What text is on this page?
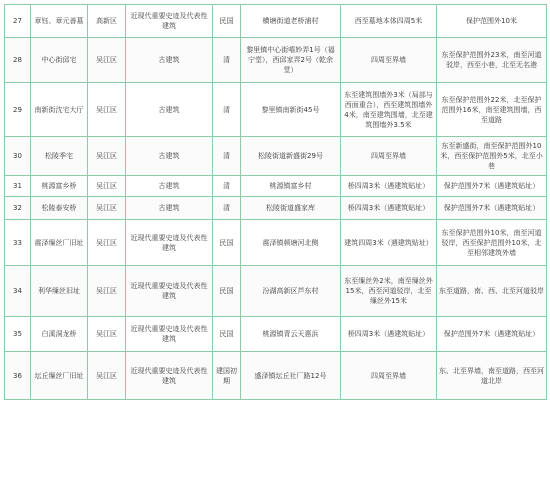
27	章钰、章元善墓	高新区	近现代重要史迹及代表性建筑	民国	横塘街道老桥浦村	西至墓地本体四周5米	保护范围外10米
28	中心街邱宅	吴江区	古建筑	清	黎里镇中心街嘻妙弄1号（福宁堂），西邱家弄2号（乾余堂）	四周至界墙	东至保护范围外23米，南至河道驳岸，西至小巷，北至无名港
29	南新街沈宅大厅	吴江区	古建筑	清	黎里镇南新街45号	东至建筑围墙外3米（局部与西面重合），西至建筑围墙外4米，南至建筑围墙，北至建筑围墙外3.5米	东至保护范围外22米，北至保护范围外16米，南至建筑围墙，西至道路
30	松陵季宅	吴江区	古建筑	清	松陵街道新盛街29号	四周至界墙	东至新盛街，南至保护范围外10米，西至保护范围外5米，北至小巷
31	桃源富乡桥	吴江区	古建筑	清	桃源镇富乡村	桥四周3米（遇建筑贴址）	保护范围外7米（遇建筑贴址）
32	松陵泰安桥	吴江区	古建筑	清	松陵街道盛家库	桥四周3米（遇建筑贴址）	保护范围外7米（遇建筑贴址）
33	震泽缫丝厂旧址	吴江区	近现代重要史迹及代表性建筑	民国	震泽镇顿塘河北侧	建筑四周3米（遇建筑贴址）	东至保护范围外10米，南至河道驳岸，西至保护范围外10米，北至相邻建筑外墙
34	利华缫丝旧址	吴江区	近现代重要史迹及代表性建筑	民国	汾湖高新区芦东村	东至缫丝外2米，南至缫丝外15米，西至河道驳岸，北至缫丝外15米	东至道路，南、西、北至河道驳岸
35	白溪洞龙桥	吴江区	近现代重要史迹及代表性建筑	民国	桃源镇青云天惠浜	桥四周3米（遇建筑贴址）	保护范围外7米（遇建筑贴址）
36	坛丘缫丝厂旧址	吴江区	近现代重要史迹及代表性建筑	建国初期	盛泽镇坛丘社厂路12号	四周至界墙	东、北至界墙，南至道路，西至河道北岸
